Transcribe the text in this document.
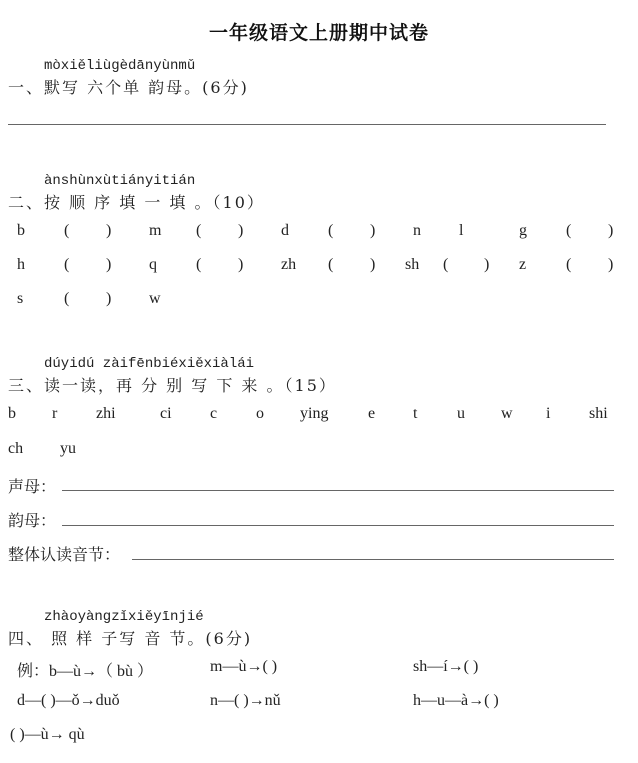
一年级语文上册期中试卷
mòxiěliùgèdānyùnmǔ
一、默写 六个单 韵母。(6分)
ànshùnxùtiányitián
二、按 顺 序 填 一 填 。（10）
b ( ) m ( ) d ( ) n l	g ( )
h ( ) q ( ) zh ( ) sh ( ) z ( )
s	( ) w
dúyidú zàifēnbiéxiěxiàlái
三、读一读，再 分 别 写 下 来 。（15）
b r zhi	ci c o ying e t u w i shi
ch yu
声母：
韵母：
整体认读音节：
zhàoyàngzǐxiěyīnjié
四、 照 样 子写 音 节。(6分)
例：b—ù→（ bù ）	m—ù→( )	sh—í→( )
d—( )—ǒ→duǒ	n—( )→nǔ	h—u—à→( )
( )—ù→ qù
